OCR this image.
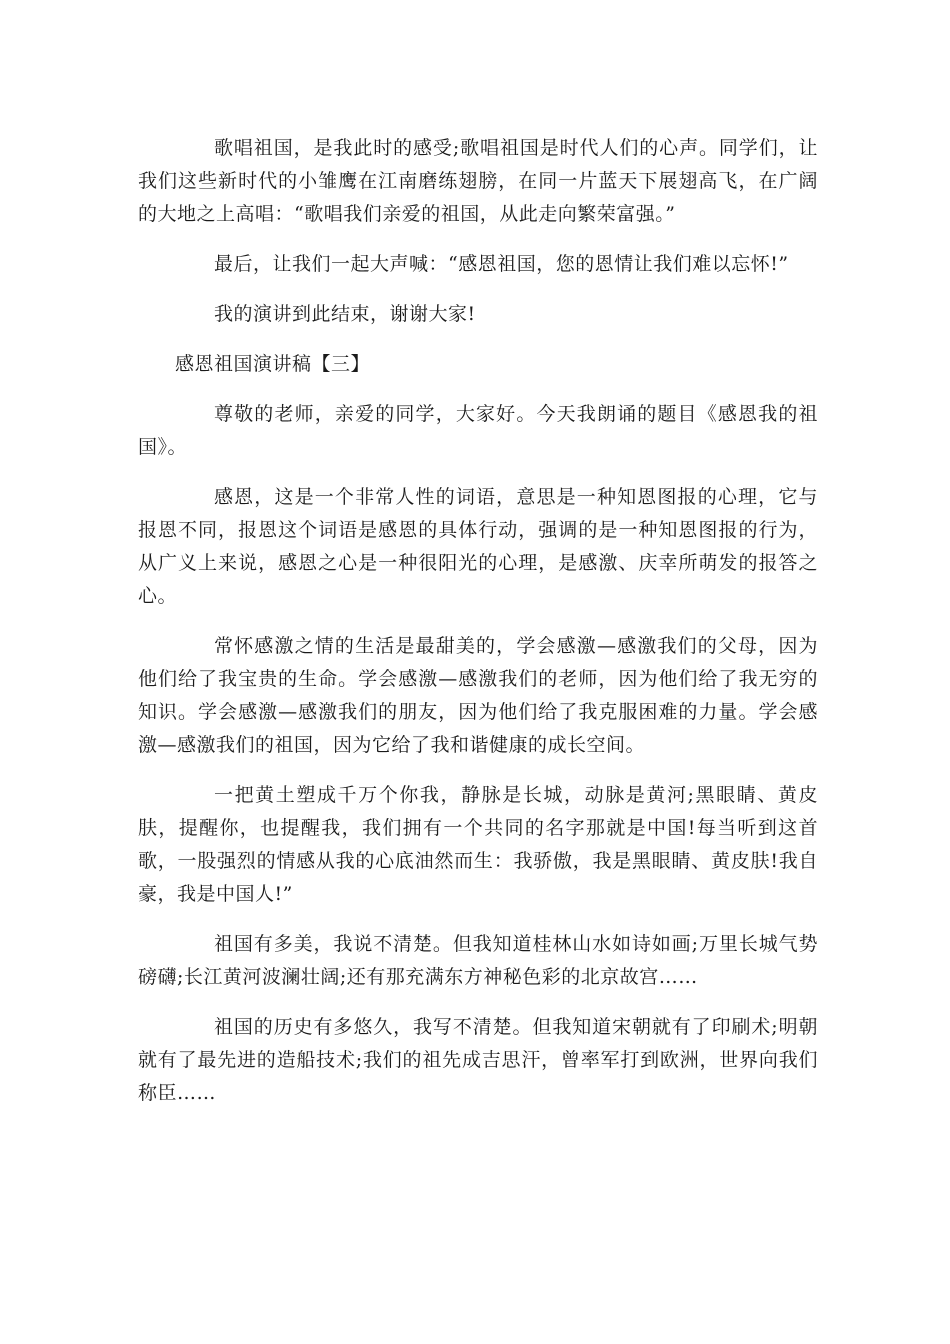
歌唱祖国，是我此时的感受;歌唱祖国是时代人们的心声。同学们，让我们这些新时代的小雏鹰在江南磨练翅膀，在同一片蓝天下展翅高飞，在广阔的大地之上高唱：“歌唱我们亲爱的祖国，从此走向繁荣富强。”

最后，让我们一起大声喊：“感恩祖国，您的恩情让我们难以忘怀!”

我的演讲到此结束，谢谢大家!

感恩祖国演讲稿【三】

尊敬的老师，亲爱的同学，大家好。今天我朗诵的题目《感恩我的祖国》。

感恩，这是一个非常人性的词语，意思是一种知恩图报的心理，它与报恩不同，报恩这个词语是感恩的具体行动，强调的是一种知恩图报的行为，从广义上来说，感恩之心是一种很阳光的心理，是感激、庆幸所萌发的报答之心。

常怀感激之情的生活是最甜美的，学会感激—感激我们的父母，因为他们给了我宝贵的生命。学会感激—感激我们的老师，因为他们给了我无穷的知识。学会感激—感激我们的朋友，因为他们给了我克服困难的力量。学会感激—感激我们的祖国，因为它给了我和谐健康的成长空间。

一把黄土塑成千万个你我，静脉是长城，动脉是黄河;黑眼睛、黄皮肤，提醒你，也提醒我，我们拥有一个共同的名字那就是中国!每当听到这首歌，一股强烈的情感从我的心底油然而生：我骄傲，我是黑眼睛、黄皮肤!我自豪，我是中国人!”

祖国有多美，我说不清楚。但我知道桂林山水如诗如画;万里长城气势磅礴;长江黄河波澜壮阔;还有那充满东方神秘色彩的北京故宫……

祖国的历史有多悠久，我写不清楚。但我知道宋朝就有了印刷术;明朝就有了最先进的造船技术;我们的祖先成吉思汗，曾率军打到欧洲，世界向我们称臣……
